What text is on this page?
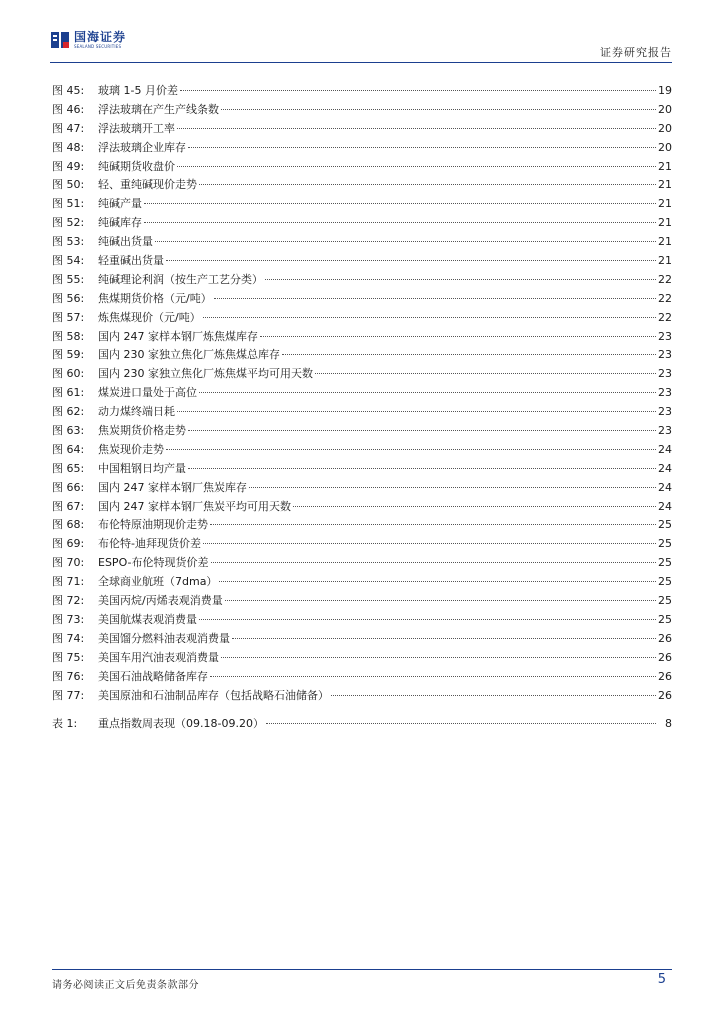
国海证券
SEALAND SECURITIES	证券研究报告
图 45:	玻璃 1-5 月价差	19
图 46:	浮法玻璃在产生产线条数	20
图 47:	浮法玻璃开工率	20
图 48:	浮法玻璃企业库存	20
图 49:	纯碱期货收盘价	21
图 50:	轻、重纯碱现价走势	21
图 51:	纯碱产量	21
图 52:	纯碱库存	21
图 53:	纯碱出货量	21
图 54:	轻重碱出货量	21
图 55:	纯碱理论利润（按生产工艺分类）	22
图 56:	焦煤期货价格（元/吨）	22
图 57:	炼焦煤现价（元/吨）	22
图 58:	国内 247 家样本钢厂炼焦煤库存	23
图 59:	国内 230 家独立焦化厂炼焦煤总库存	23
图 60:	国内 230 家独立焦化厂炼焦煤平均可用天数	23
图 61:	煤炭进口量处于高位	23
图 62:	动力煤终端日耗	23
图 63:	焦炭期货价格走势	23
图 64:	焦炭现价走势	24
图 65:	中国粗钢日均产量	24
图 66:	国内 247 家样本钢厂焦炭库存	24
图 67:	国内 247 家样本钢厂焦炭平均可用天数	24
图 68:	布伦特原油期现价走势	25
图 69:	布伦特-迪拜现货价差	25
图 70:	ESPO-布伦特现货价差	25
图 71:	全球商业航班（7dma）	25
图 72:	美国丙烷/丙烯表观消费量	25
图 73:	美国航煤表观消费量	25
图 74:	美国馏分燃料油表观消费量	26
图 75:	美国车用汽油表观消费量	26
图 76:	美国石油战略储备库存	26
图 77:	美国原油和石油制品库存（包括战略石油储备）	26
表 1:	重点指数周表现（09.18-09.20）	8
请务必阅读正文后免责条款部分	5
